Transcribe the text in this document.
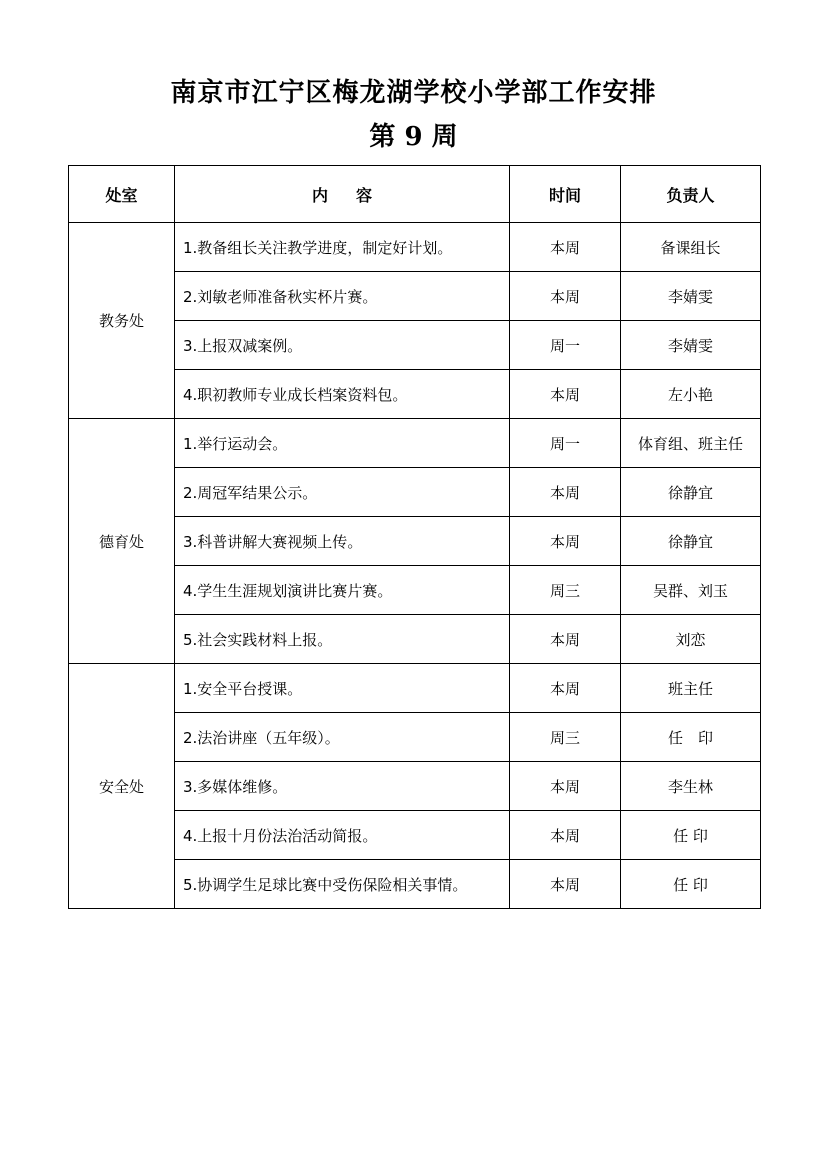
南京市江宁区梅龙湖学校小学部工作安排
第 9 周
处室	内容	时间	负责人
教务处	1.教备组长关注教学进度，制定好计划。	本周	备课组长
	2.刘敏老师准备秋实杯片赛。	本周	李婧雯
	3.上报双减案例。	周一	李婧雯
	4.职初教师专业成长档案资料包。	本周	左小艳
德育处	1.举行运动会。	周一	体育组、班主任
	2.周冠军结果公示。	本周	徐静宜
	3.科普讲解大赛视频上传。	本周	徐静宜
	4.学生生涯规划演讲比赛片赛。	周三	吴群、刘玉
	5.社会实践材料上报。	本周	刘恋
安全处	1.安全平台授课。	本周	班主任
	2.法治讲座（五年级）。	周三	任　印
	3.多媒体维修。	本周	李生林
	4.上报十月份法治活动简报。	本周	任 印
	5.协调学生足球比赛中受伤保险相关事情。	本周	任 印
